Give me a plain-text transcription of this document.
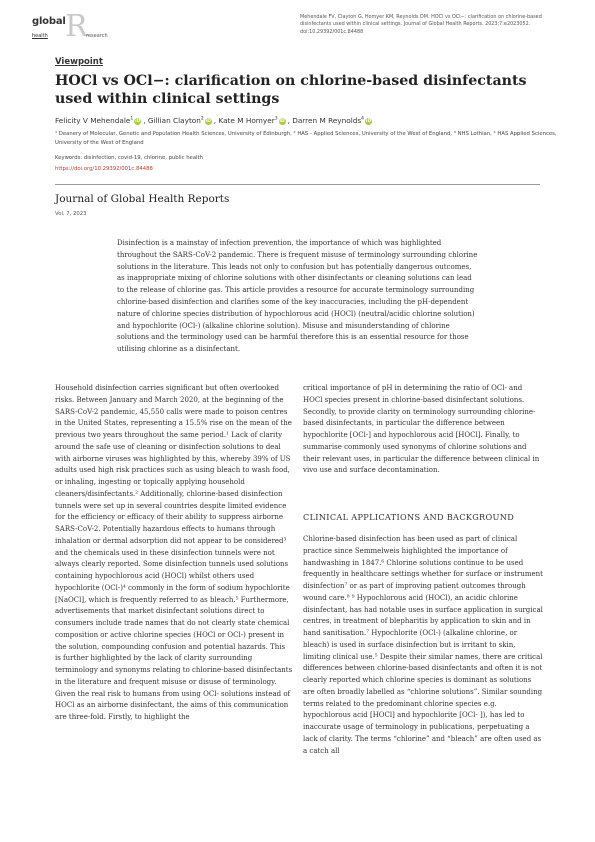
global R
health	research
Mehendale FV, Clayton G, Homyer KM, Reynolds DM. HOCl vs OCl−: clarification on chlorine-based disinfectants used within clinical settings. Journal of Global Health Reports. 2023;7:e2023052. doi:10.29392/001c.84488
Viewpoint
HOCl vs OCl−: clarification on chlorine-based disinfectants used within clinical settings
Felicity V Mehendale$^1$ iD , Gillian Clayton$^2$ iD , Kate M Homyer$^3$ iD , Darren M Reynolds$^4$ iD
¹ Deanery of Molecular, Genetic and Population Health Sciences, University of Edinburgh, ² HAS - Applied Sciences, University of the West of England, ³ NHS Lothian, ⁴ HAS Applied Sciences, University of the West of England
Keywords: disinfection, covid-19, chlorine, public health
https://doi.org/10.29392/001c.84488
Journal of Global Health Reports
Vol. 7, 2023
Disinfection is a mainstay of infection prevention, the importance of which was highlighted throughout the SARS-CoV-2 pandemic. There is frequent misuse of terminology surrounding chlorine solutions in the literature. This leads not only to confusion but has potentially dangerous outcomes, as inappropriate mixing of chlorine solutions with other disinfectants or cleaning solutions can lead to the release of chlorine gas. This article provides a resource for accurate terminology surrounding chlorine-based disinfection and clarifies some of the key inaccuracies, including the pH-dependent nature of chlorine species distribution of hypochlorous acid (HOCl) (neutral/acidic chlorine solution) and hypochlorite (OCl-) (alkaline chlorine solution). Misuse and misunderstanding of chlorine solutions and the terminology used can be harmful therefore this is an essential resource for those utilising chlorine as a disinfectant.
Household disinfection carries significant but often overlooked risks. Between January and March 2020, at the beginning of the SARS-CoV-2 pandemic, 45,550 calls were made to poison centres in the United States, representing a 15.5% rise on the mean of the previous two years throughout the same period.¹ Lack of clarity around the safe use of cleaning or disinfection solutions to deal with airborne viruses was highlighted by this, whereby 39% of US adults used high risk practices such as using bleach to wash food, or inhaling, ingesting or topically applying household cleaners/disinfectants.² Additionally, chlorine-based disinfection tunnels were set up in several countries despite limited evidence for the efficiency or efficacy of their ability to suppress airborne SARS-CoV-2. Potentially hazardous effects to humans through inhalation or dermal adsorption did not appear to be considered³ and the chemicals used in these disinfection tunnels were not always clearly reported. Some disinfection tunnels used solutions containing hypochlorous acid (HOCl) whilst others used hypochlorite (OCl-)⁴ commonly in the form of sodium hypochlorite [NaOCl], which is frequently referred to as bleach.⁵ Furthermore, advertisements that market disinfectant solutions direct to consumers include trade names that do not clearly state chemical composition or active chlorine species (HOCl or OCl-) present in the solution, compounding confusion and potential hazards. This is further highlighted by the lack of clarity surrounding terminology and synonyms relating to chlorine-based disinfectants in the literature and frequent misuse or disuse of terminology.
Given the real risk to humans from using OCl- solutions instead of HOCl as an airborne disinfectant, the aims of this communication are three-fold. Firstly, to highlight the
critical importance of pH in determining the ratio of OCl- and HOCl species present in chlorine-based disinfectant solutions. Secondly, to provide clarity on terminology surrounding chlorine-based disinfectants, in particular the difference between hypochlorite [OCl-] and hypochlorous acid [HOCl]. Finally, to summarise commonly used synonyms of chlorine solutions and their relevant uses, in particular the difference between clinical in vivo use and surface decontamination.
CLINICAL APPLICATIONS AND BACKGROUND
Chlorine-based disinfection has been used as part of clinical practice since Semmelweis highlighted the importance of handwashing in 1847.⁶ Chlorine solutions continue to be used frequently in healthcare settings whether for surface or instrument disinfection⁷ or as part of improving patient outcomes through wound care.⁸ ⁹ Hypochlorous acid (HOCl), an acidic chlorine disinfectant, has had notable uses in surface application in surgical centres, in treatment of blepharitis by application to skin and in hand sanitisation.⁷ Hypochlorite (OCl-) (alkaline chlorine, or bleach) is used in surface disinfection but is irritant to skin, limiting clinical use.⁵ Despite their similar names, there are critical differences between chlorine-based disinfectants and often it is not clearly reported which chlorine species is dominant as solutions are often broadly labelled as “chlorine solutions”. Similar sounding terms related to the predominant chlorine species e.g. hypochlorous acid [HOCl] and hypochlorite [OCl- ]), has led to inaccurate usage of terminology in publications, perpetuating a lack of clarity. The terms “chlorine” and “bleach” are often used as a catch all
